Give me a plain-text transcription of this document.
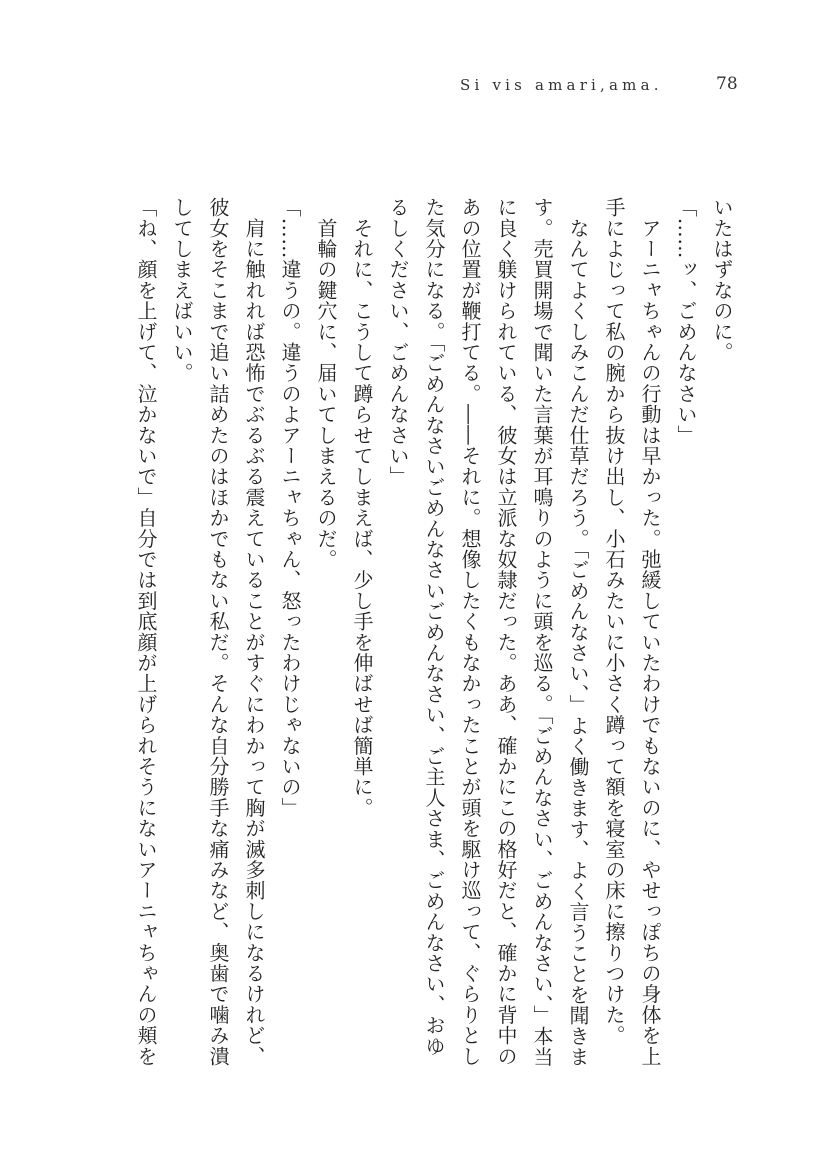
Si vis amari,ama.	78
いたはずなのに。
「……ッ、ごめんなさい」
　アーニャちゃんの行動は早かった。弛緩していたわけでもないのに、やせっぽちの身体を上
手によじって私の腕から抜け出し、小石みたいに小さく蹲って額を寝室の床に擦りつけた。
　なんてよくしみこんだ仕草だろう。「ごめんなさい、」よく働きます、よく言うことを聞きま
す。売買開場で聞いた言葉が耳鳴りのように頭を巡る。「ごめんなさい、ごめんなさい、」本当
に良く躾けられている、彼女は立派な奴隷だった。ああ、確かにこの格好だと、確かに背中の
あの位置が鞭打てる。――それに。想像したくもなかったことが頭を駆け巡って、ぐらりとし
た気分になる。「ごめんなさいごめんなさいごめんなさい、ご主人さま、ごめんなさい、おゆ
るしください、ごめんなさい」
　それに、こうして蹲らせてしまえば、少し手を伸ばせば簡単に。
　首輪の鍵穴に、届いてしまえるのだ。
「……違うの。違うのよアーニャちゃん、怒ったわけじゃないの」
　肩に触れれば恐怖でぶるぶる震えていることがすぐにわかって胸が滅多刺しになるけれど、
彼女をそこまで追い詰めたのはほかでもない私だ。そんな自分勝手な痛みなど、奥歯で噛み潰
してしまえばいい。
「ね、顔を上げて、泣かないで」自分では到底顔が上げられそうにないアーニャちゃんの頬を
